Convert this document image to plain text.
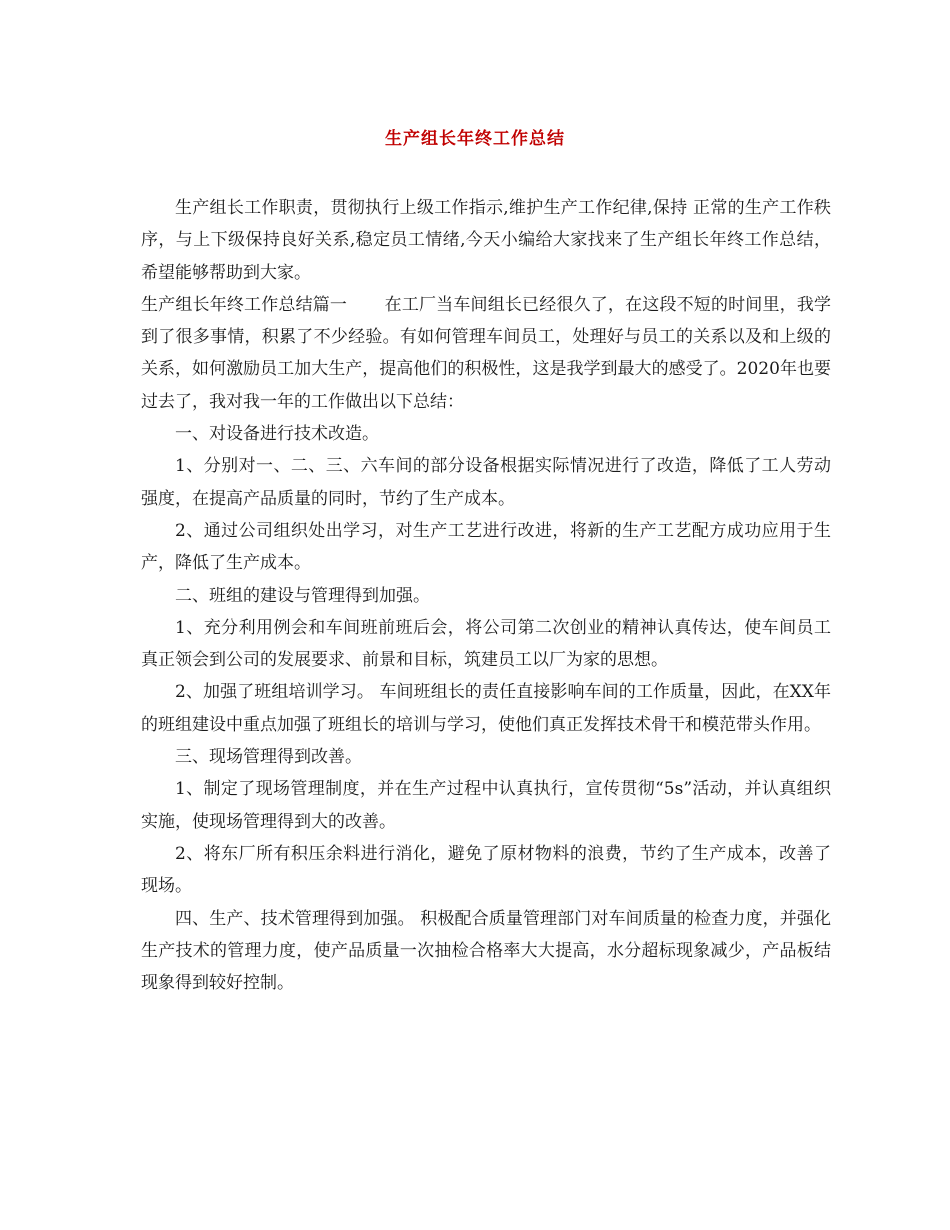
生产组长年终工作总结

生产组长工作职责，贯彻执行上级工作指示,维护生产工作纪律,保持 正常的生产工作秩序，与上下级保持良好关系,稳定员工情绪,今天小编给大家找来了生产组长年终工作总结，希望能够帮助到大家。

生产组长年终工作总结篇一 在工厂当车间组长已经很久了，在这段不短的时间里，我学到了很多事情，积累了不少经验。有如何管理车间员工，处理好与员工的关系以及和上级的关系，如何激励员工加大生产，提高他们的积极性，这是我学到最大的感受了。2020年也要过去了，我对我一年的工作做出以下总结：

一、对设备进行技术改造。

1、分别对一、二、三、六车间的部分设备根据实际情况进行了改造，降低了工人劳动强度，在提高产品质量的同时，节约了生产成本。

2、通过公司组织处出学习，对生产工艺进行改进，将新的生产工艺配方成功应用于生产，降低了生产成本。

二、班组的建设与管理得到加强。

1、充分利用例会和车间班前班后会，将公司第二次创业的精神认真传达，使车间员工真正领会到公司的发展要求、前景和目标，筑建员工以厂为家的思想。

2、加强了班组培训学习。 车间班组长的责任直接影响车间的工作质量，因此，在XX年的班组建设中重点加强了班组长的培训与学习，使他们真正发挥技术骨干和模范带头作用。

三、现场管理得到改善。

1、制定了现场管理制度，并在生产过程中认真执行，宣传贯彻“5s”活动，并认真组织实施，使现场管理得到大的改善。

2、将东厂所有积压余料进行消化，避免了原材物料的浪费，节约了生产成本，改善了现场。

四、生产、技术管理得到加强。 积极配合质量管理部门对车间质量的检查力度，并强化生产技术的管理力度，使产品质量一次抽检合格率大大提高，水分超标现象减少，产品板结现象得到较好控制。
